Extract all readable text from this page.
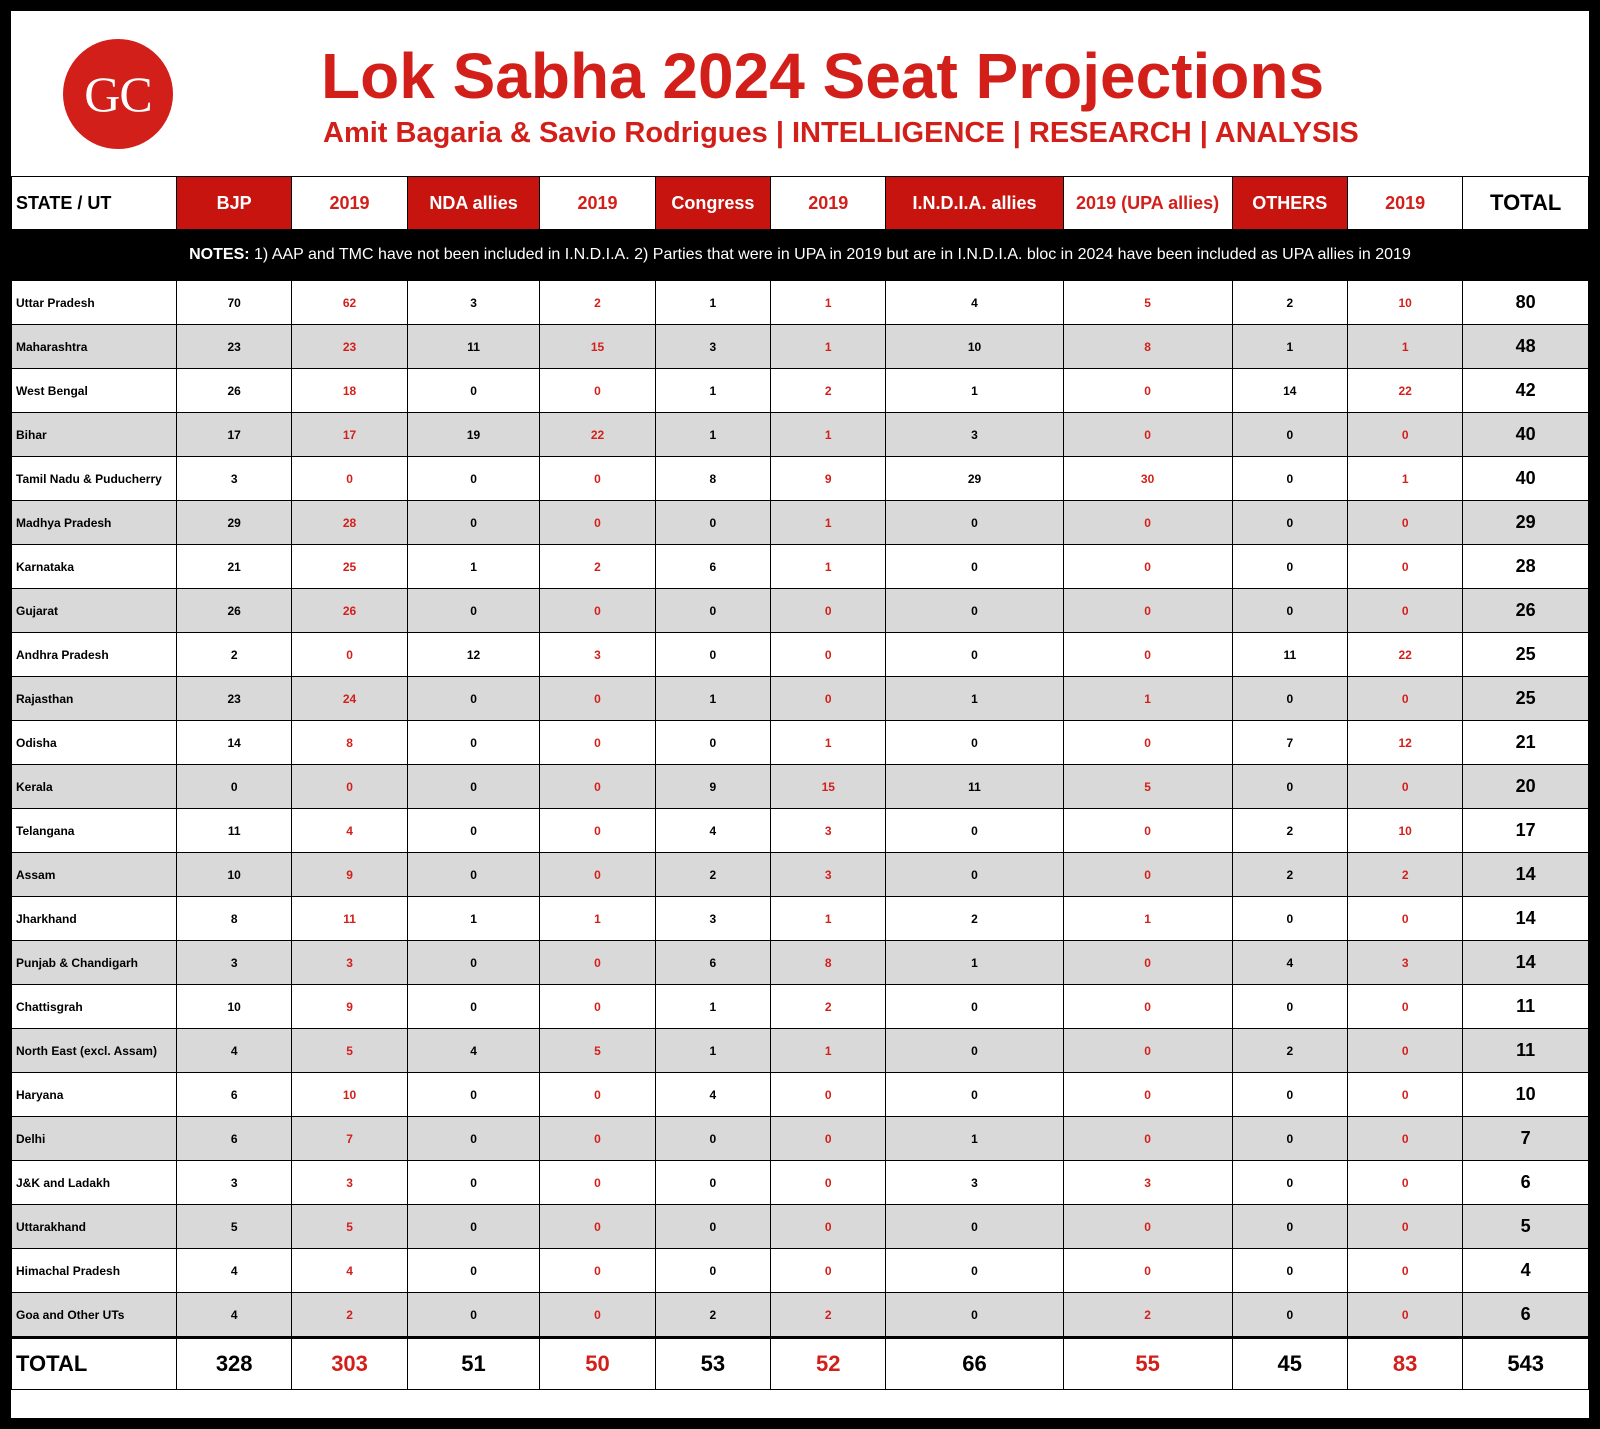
GC	Lok Sabha 2024 Seat Projections
Amit Bagaria & Savio Rodrigues | INTELLIGENCE | RESEARCH | ANALYSIS
STATE / UT	BJP	2019	NDA allies	2019	Congress	2019	I.N.D.I.A. allies	2019 (UPA allies)	OTHERS	2019	TOTAL
NOTES: 1) AAP and TMC have not been included in I.N.D.I.A. 2) Parties that were in UPA in 2019 but are in I.N.D.I.A. bloc in 2024 have been included as UPA allies in 2019											
Uttar Pradesh	70	62	3	2	1	1	4	5	2	10	80
Maharashtra	23	23	11	15	3	1	10	8	1	1	48
West Bengal	26	18	0	0	1	2	1	0	14	22	42
Bihar	17	17	19	22	1	1	3	0	0	0	40
Tamil Nadu & Puducherry	3	0	0	0	8	9	29	30	0	1	40
Madhya Pradesh	29	28	0	0	0	1	0	0	0	0	29
Karnataka	21	25	1	2	6	1	0	0	0	0	28
Gujarat	26	26	0	0	0	0	0	0	0	0	26
Andhra Pradesh	2	0	12	3	0	0	0	0	11	22	25
Rajasthan	23	24	0	0	1	0	1	1	0	0	25
Odisha	14	8	0	0	0	1	0	0	7	12	21
Kerala	0	0	0	0	9	15	11	5	0	0	20
Telangana	11	4	0	0	4	3	0	0	2	10	17
Assam	10	9	0	0	2	3	0	0	2	2	14
Jharkhand	8	11	1	1	3	1	2	1	0	0	14
Punjab & Chandigarh	3	3	0	0	6	8	1	0	4	3	14
Chattisgrah	10	9	0	0	1	2	0	0	0	0	11
North East (excl. Assam)	4	5	4	5	1	1	0	0	2	0	11
Haryana	6	10	0	0	4	0	0	0	0	0	10
Delhi	6	7	0	0	0	0	1	0	0	0	7
J&K and Ladakh	3	3	0	0	0	0	3	3	0	0	6
Uttarakhand	5	5	0	0	0	0	0	0	0	0	5
Himachal Pradesh	4	4	0	0	0	0	0	0	0	0	4
Goa and Other UTs	4	2	0	0	2	2	0	2	0	0	6
TOTAL	328	303	51	50	53	52	66	55	45	83	543
